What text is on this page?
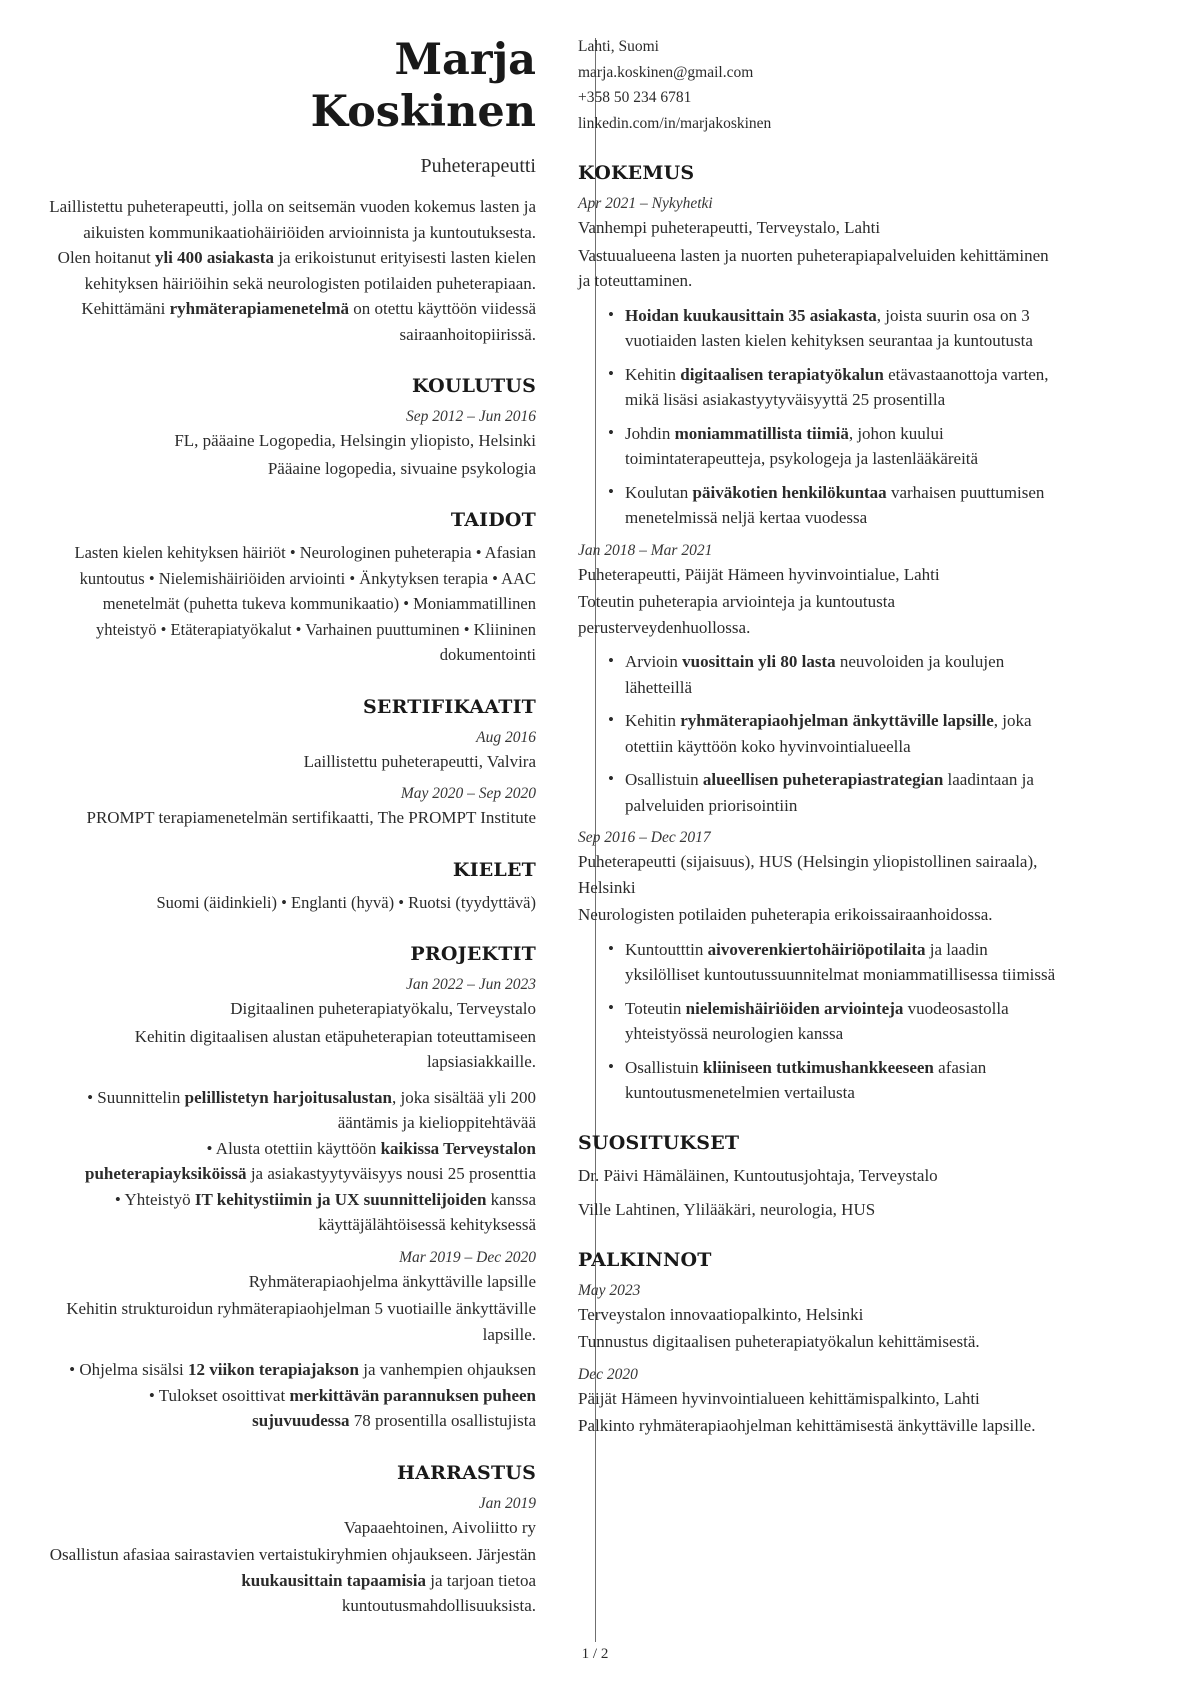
Marja
Koskinen
Puheterapeutti
Laillistettu puheterapeutti, jolla on seitsemän vuoden kokemus lasten ja aikuisten kommunikaatiohäiriöiden arvioinnista ja kuntoutuksesta. Olen hoitanut yli 400 asiakasta ja erikoistunut erityisesti lasten kielen kehityksen häiriöihin sekä neurologisten potilaiden puheterapiaan. Kehittämäni ryhmäterapiamenetelmä on otettu käyttöön viidessä sairaanhoitopiirissä.
KOULUTUS
Sep 2012 – Jun 2016
FL, pääaine Logopedia, Helsingin yliopisto, Helsinki
Pääaine logopedia, sivuaine psykologia
TAIDOT
Lasten kielen kehityksen häiriöt • Neurologinen puheterapia • Afasian kuntoutus • Nielemishäiriöiden arviointi • Änkytyksen terapia • AAC menetelmät (puhetta tukeva kommunikaatio) • Moniammatillinen yhteistyö • Etäterapiatyökalut • Varhainen puuttuminen • Kliininen dokumentointi
SERTIFIKAATIT
Aug 2016
Laillistettu puheterapeutti, Valvira
May 2020 – Sep 2020
PROMPT terapiamenetelmän sertifikaatti, The PROMPT Institute
KIELET
Suomi (äidinkieli) • Englanti (hyvä) • Ruotsi (tyydyttävä)
PROJEKTIT
Jan 2022 – Jun 2023
Digitaalinen puheterapiatyökalu, Terveystalo
Kehitin digitaalisen alustan etäpuheterapian toteuttamiseen lapsiasiakkaille.
• Suunnittelin pelillistetyn harjoitusalustan, joka sisältää yli 200 ääntämis ja kielioppitehtävää
• Alusta otettiin käyttöön kaikissa Terveystalon puheterapiayksiköissä ja asiakastyytyväisyys nousi 25 prosenttia
• Yhteistyö IT kehitystiimin ja UX suunnittelijoiden kanssa käyttäjälähtöisessä kehityksessä
Mar 2019 – Dec 2020
Ryhmäterapiaohjelma änkyttäville lapsille
Kehitin strukturoidun ryhmäterapiaohjelman 5 vuotiaille änkyttäville lapsille.
• Ohjelma sisälsi 12 viikon terapiajakson ja vanhempien ohjauksen
• Tulokset osoittivat merkittävän parannuksen puheen sujuvuudessa 78 prosentilla osallistujista
HARRASTUS
Jan 2019
Vapaaehtoinen, Aivoliitto ry
Osallistun afasiaa sairastavien vertaistukiryhmien ohjaukseen. Järjestän kuukausittain tapaamisia ja tarjoan tietoa kuntoutusmahdollisuuksista.
Lahti, Suomi
marja.koskinen@gmail.com
+358 50 234 6781
linkedin.com/in/marjakoskinen
KOKEMUS
Apr 2021 – Nykyhetki
Vanhempi puheterapeutti, Terveystalo, Lahti
Vastuualueena lasten ja nuorten puheterapiapalveluiden kehittäminen ja toteuttaminen.
• Hoidan kuukausittain 35 asiakasta, joista suurin osa on 3 vuotiaiden lasten kielen kehityksen seurantaa ja kuntoutusta
• Kehitin digitaalisen terapiatyökalun etävastaanottoja varten, mikä lisäsi asiakastyytyväisyyttä 25 prosentilla
• Johdin moniammatillista tiimiä, johon kuului toimintaterapeutteja, psykologeja ja lastenlääkäreitä
• Koulutan päiväkotien henkilökuntaa varhaisen puuttumisen menetelmissä neljä kertaa vuodessa
Jan 2018 – Mar 2021
Puheterapeutti, Päijät Hämeen hyvinvointialue, Lahti
Toteutin puheterapia arviointeja ja kuntoutusta perusterveydenhuollossa.
• Arvioin vuosittain yli 80 lasta neuvoloiden ja koulujen lähetteillä
• Kehitin ryhmäterapiaohjelman änkyttäville lapsille, joka otettiin käyttöön koko hyvinvointialueella
• Osallistuin alueellisen puheterapiastrategian laadintaan ja palveluiden priorisointiin
Sep 2016 – Dec 2017
Puheterapeutti (sijaisuus), HUS (Helsingin yliopistollinen sairaala), Helsinki
Neurologisten potilaiden puheterapia erikoissairaanhoidossa.
• Kuntoutttin aivoverenkiertohäiriöpotilaita ja laadin yksilölliset kuntoutussuunnitelmat moniammatillisessa tiimissä
• Toteutin nielemishäiriöiden arviointeja vuodeosastolla yhteistyössä neurologien kanssa
• Osallistuin kliiniseen tutkimushankkeeseen afasian kuntoutusmenetelmien vertailusta
SUOSITUKSET
Dr. Päivi Hämäläinen, Kuntoutusjohtaja, Terveystalo
Ville Lahtinen, Ylilääkäri, neurologia, HUS
PALKINNOT
May 2023
Terveystalon innovaatiopalkinto, Helsinki
Tunnustus digitaalisen puheterapiatyökalun kehittämisestä.
Dec 2020
Päijät Hämeen hyvinvointialueen kehittämispalkinto, Lahti
Palkinto ryhmäterapiaohjelman kehittämisestä änkyttäville lapsille.
1 / 2
